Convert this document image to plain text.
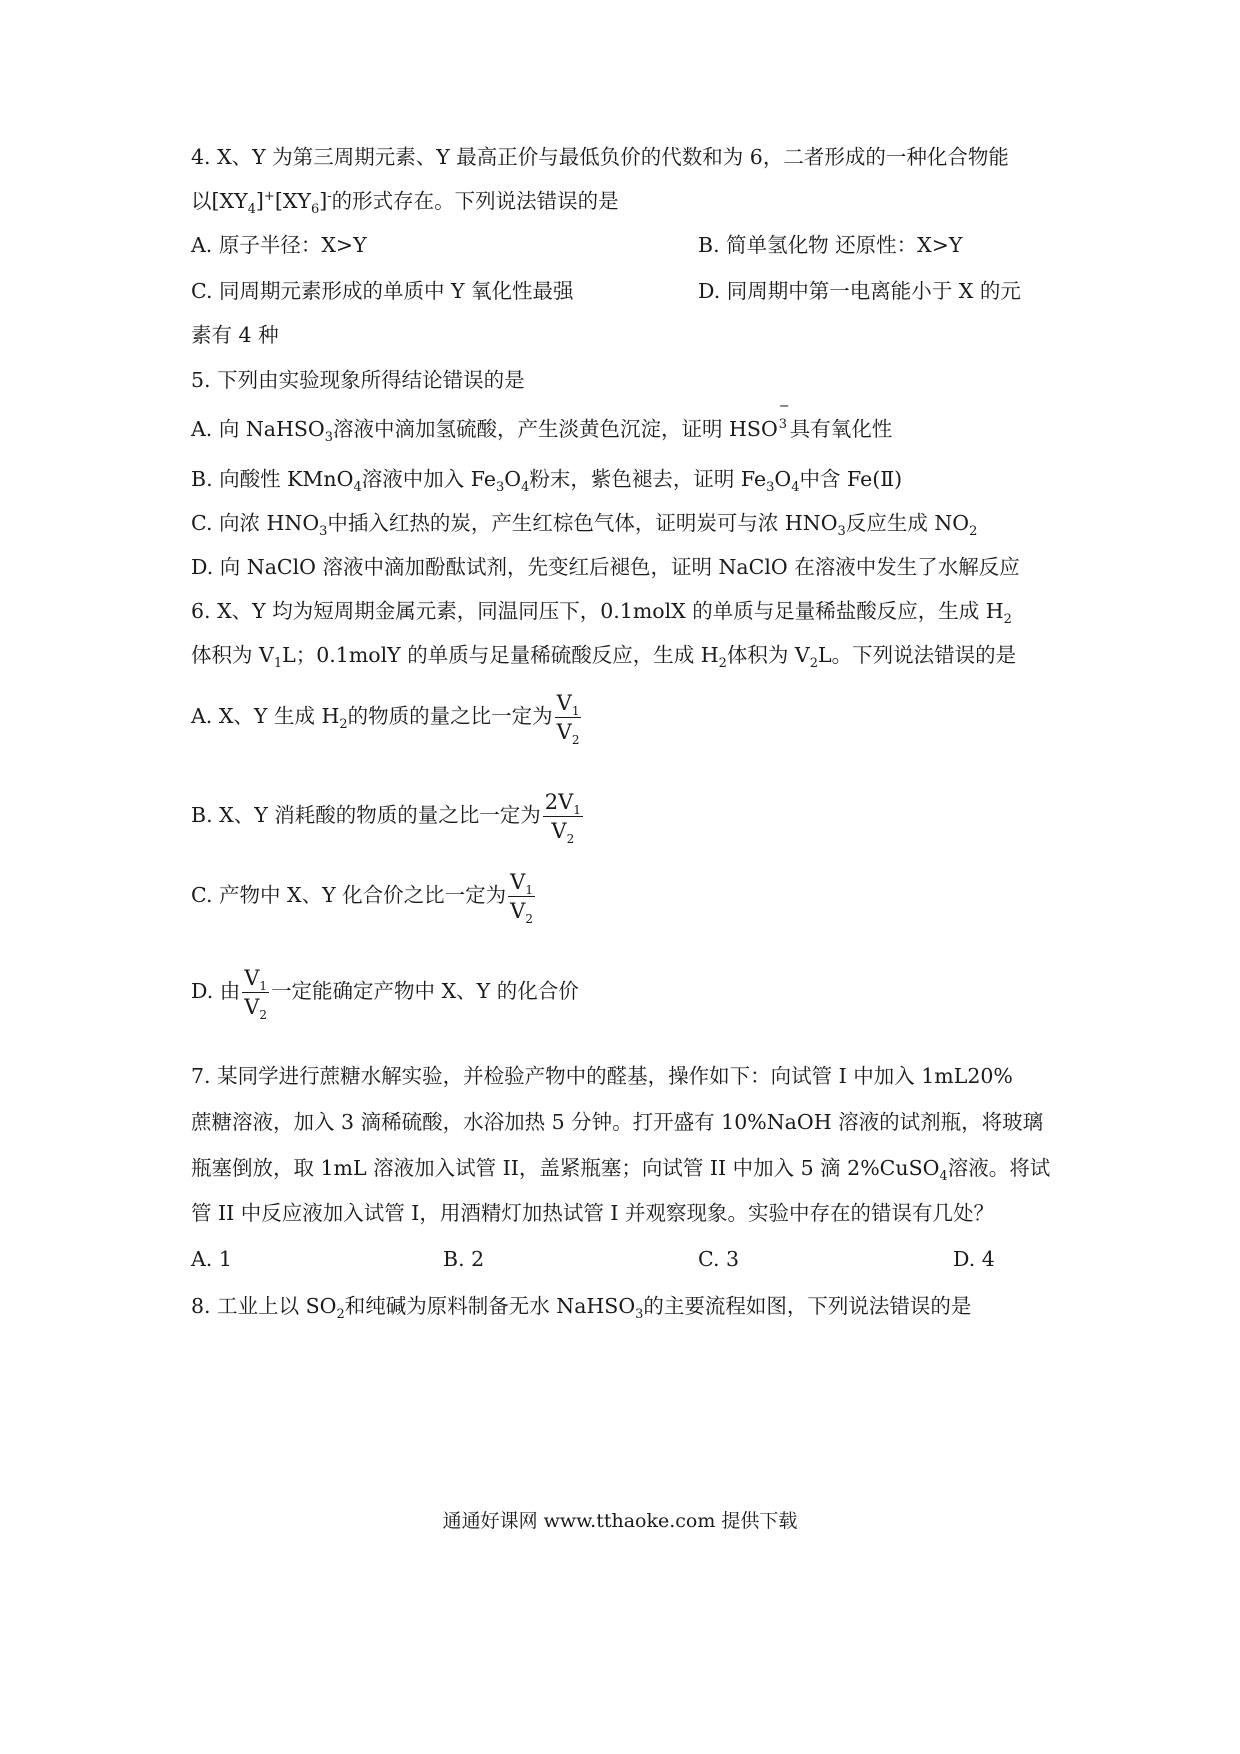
4. X、Y 为第三周期元素、Y 最高正价与最低负价的代数和为 6，二者形成的一种化合物能
以$[XY_4]^+[XY_6]^-$的形式存在。下列说法错误的是
A. 原子半径：X>Y	B. 简单氢化物 还原性：X>Y
C. 同周期元素形成的单质中 Y 氧化性最强	D. 同周期中第一电离能小于 X 的元
素有 4 种
5. 下列由实验现象所得结论错误的是
A. 向 NaHSO$_3$溶液中滴加氢硫酸，产生淡黄色沉淀，证明 HSO
−
3 具有氧化性
B. 向酸性 KMnO$_4$溶液中加入 $Fe_3O_4$粉末，紫色褪去，证明 $Fe_3O_4$中含 Fe(Ⅱ)
C. 向浓 $HNO_3$中插入红热的炭，产生红棕色气体，证明炭可与浓 $HNO_3$反应生成 $NO_2$
D. 向 NaClO 溶液中滴加酚酞试剂，先变红后褪色，证明 NaClO 在溶液中发生了水解反应
6. X、Y 均为短周期金属元素，同温同压下，0.1molX 的单质与足量稀盐酸反应，生成 $H_2$
体积为 $V_1L$；0.1molY 的单质与足量稀硫酸反应，生成 $H_2$体积为 $V_2L$。下列说法错误的是
A. X、Y 生成 $H_2$的物质的量之比一定为 $\frac{V_1}{V_2}$
B. X、Y 消耗酸的物质的量之比一定为 $\frac{2V_1}{V_2}$
C. 产物中 X、Y 化合价之比一定为 $\frac{V_1}{V_2}$
D. 由 $\frac{V_1}{V_2}$ 一定能确定产物中 X、Y 的化合价
7. 某同学进行蔗糖水解实验，并检验产物中的醛基，操作如下：向试管 I 中加入 1mL20%
蔗糖溶液，加入 3 滴稀硫酸，水浴加热 5 分钟。打开盛有 10%NaOH 溶液的试剂瓶，将玻璃
瓶塞倒放，取 1mL 溶液加入试管 II，盖紧瓶塞；向试管 II 中加入 5 滴 2%CuSO$_4$溶液。将试
管 II 中反应液加入试管 I，用酒精灯加热试管 I 并观察现象。实验中存在的错误有几处？
A. 1	B. 2	C. 3	D. 4
8. 工业上以 $SO_2$和纯碱为原料制备无水 NaHSO$_3$的主要流程如图，下列说法错误的是
通通好课网 www.tthaoke.com 提供下载
